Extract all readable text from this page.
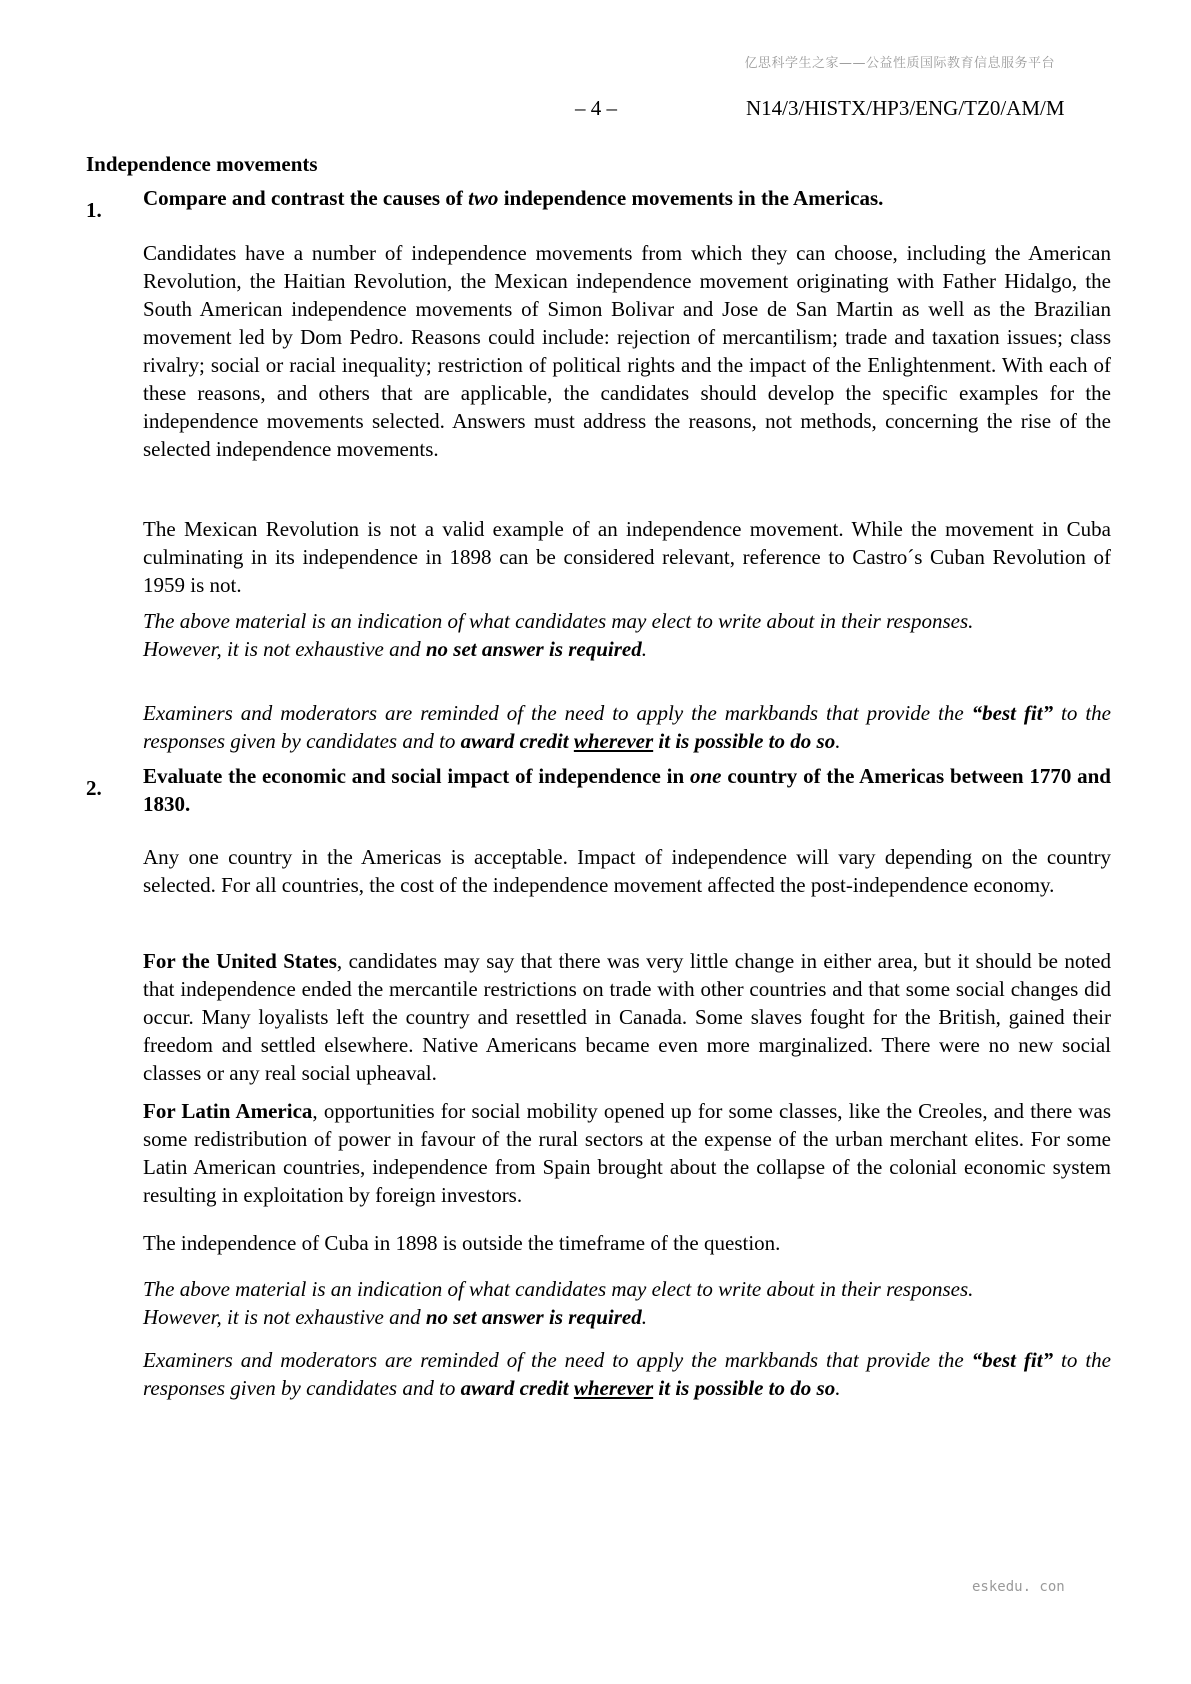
亿思科学生之家——公益性质国际教育信息服务平台
– 4 –	N14/3/HISTX/HP3/ENG/TZ0/AM/M
Independence movements
1. Compare and contrast the causes of two independence movements in the Americas.

Candidates have a number of independence movements from which they can choose, including the American Revolution, the Haitian Revolution, the Mexican independence movement originating with Father Hidalgo, the South American independence movements of Simon Bolivar and Jose de San Martin as well as the Brazilian movement led by Dom Pedro. Reasons could include: rejection of mercantilism; trade and taxation issues; class rivalry; social or racial inequality; restriction of political rights and the impact of the Enlightenment. With each of these reasons, and others that are applicable, the candidates should develop the specific examples for the independence movements selected. Answers must address the reasons, not methods, concerning the rise of the selected independence movements.

The Mexican Revolution is not a valid example of an independence movement. While the movement in Cuba culminating in its independence in 1898 can be considered relevant, reference to Castro´s Cuban Revolution of 1959 is not.

The above material is an indication of what candidates may elect to write about in their responses.
However, it is not exhaustive and no set answer is required.

Examiners and moderators are reminded of the need to apply the markbands that provide the “best fit” to the responses given by candidates and to award credit wherever it is possible to do so.

2. Evaluate the economic and social impact of independence in one country of the Americas between 1770 and 1830.

Any one country in the Americas is acceptable. Impact of independence will vary depending on the country selected. For all countries, the cost of the independence movement affected the post-independence economy.

For the United States, candidates may say that there was very little change in either area, but it should be noted that independence ended the mercantile restrictions on trade with other countries and that some social changes did occur. Many loyalists left the country and resettled in Canada. Some slaves fought for the British, gained their freedom and settled elsewhere. Native Americans became even more marginalized. There were no new social classes or any real social upheaval.

For Latin America, opportunities for social mobility opened up for some classes, like the Creoles, and there was some redistribution of power in favour of the rural sectors at the expense of the urban merchant elites. For some Latin American countries, independence from Spain brought about the collapse of the colonial economic system resulting in exploitation by foreign investors.

The independence of Cuba in 1898 is outside the timeframe of the question.

The above material is an indication of what candidates may elect to write about in their responses.
However, it is not exhaustive and no set answer is required.

Examiners and moderators are reminded of the need to apply the markbands that provide the “best fit” to the responses given by candidates and to award credit wherever it is possible to do so.

eskedu. con
